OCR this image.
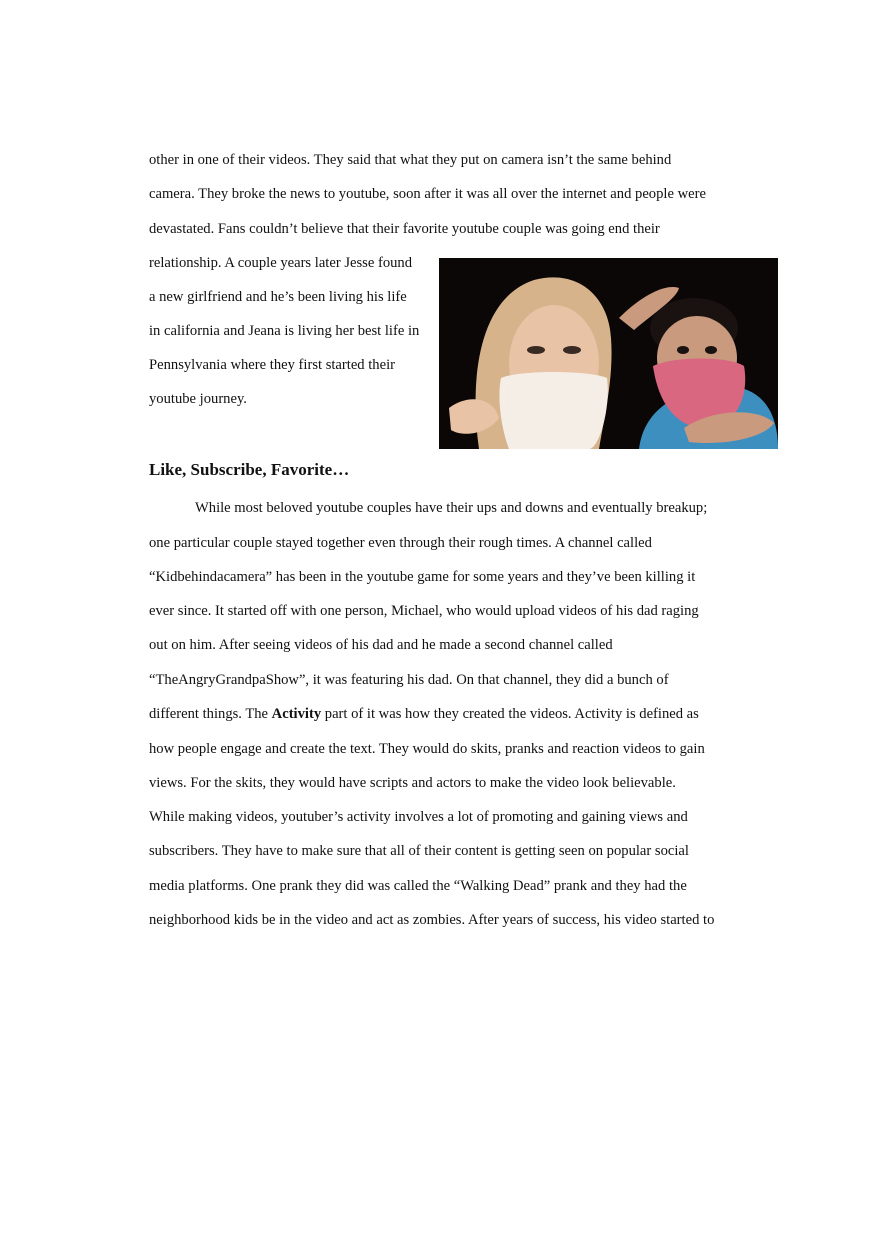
other in one of their videos. They said that what they put on camera isn’t the same behind
camera. They broke the news to youtube, soon after it was all over the internet and people were
devastated. Fans couldn’t believe that their favorite youtube couple was going end their
relationship. A couple years later Jesse found
a new girlfriend and he’s been living his life
in california and Jeana is living her best life in
Pennsylvania where they first started their
youtube journey.
Like, Subscribe, Favorite…
While most beloved youtube couples have their ups and downs and eventually breakup;
one particular couple stayed together even through their rough times. A channel called
“Kidbehindacamera” has been in the youtube game for some years and they’ve been killing it
ever since. It started off with one person, Michael, who would upload videos of his dad raging
out on him. After seeing videos of his dad and he made a second channel called
“TheAngryGrandpaShow”, it was featuring his dad. On that channel, they did a bunch of
different things. The Activity part of it was how they created the videos. Activity is defined as
how people engage and create the text. They would do skits, pranks and reaction videos to gain
views. For the skits, they would have scripts and actors to make the video look believable.
While making videos, youtuber’s activity involves a lot of promoting and gaining views and
subscribers. They have to make sure that all of their content is getting seen on popular social
media platforms. One prank they did was called the “Walking Dead” prank and they had the
neighborhood kids be in the video and act as zombies. After years of success, his video started to
